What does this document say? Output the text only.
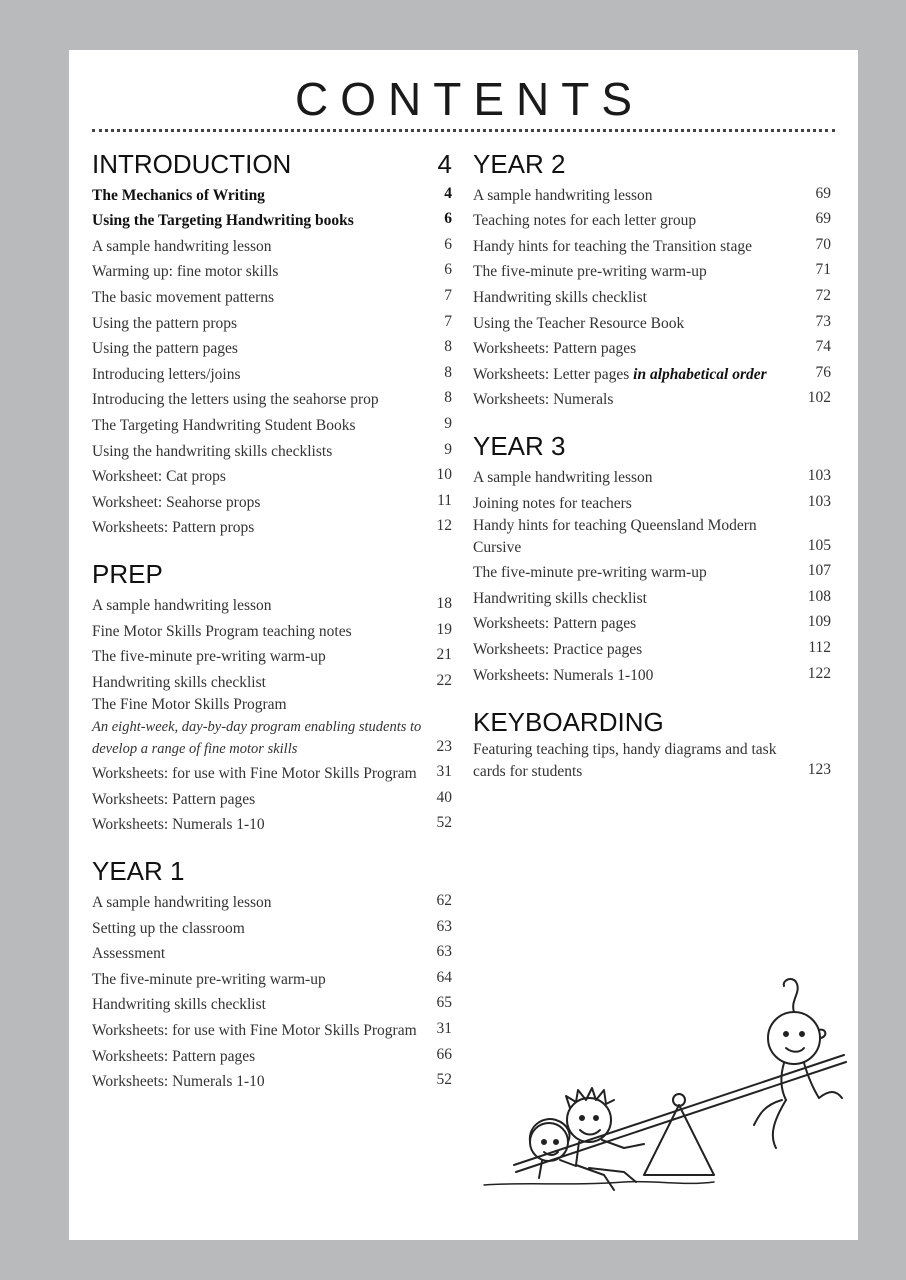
CONTENTS
INTRODUCTION	4
The Mechanics of Writing	4
Using the Targeting Handwriting books	6
A sample handwriting lesson	6
Warming up: fine motor skills	6
The basic movement patterns	7
Using the pattern props	7
Using the pattern pages	8
Introducing letters/joins	8
Introducing the letters using the seahorse prop	8
The Targeting Handwriting Student Books	9
Using the handwriting skills checklists	9
Worksheet: Cat props	10
Worksheet: Seahorse props	11
Worksheets: Pattern props	12
PREP
A sample handwriting lesson	18
Fine Motor Skills Program teaching notes	19
The five-minute pre-writing warm-up	21
Handwriting skills checklist	22
The Fine Motor Skills Program
An eight-week, day-by-day program enabling students to develop a range of fine motor skills	23
Worksheets: for use with Fine Motor Skills Program	31
Worksheets: Pattern pages	40
Worksheets: Numerals 1-10	52
YEAR 1
A sample handwriting lesson	62
Setting up the classroom	63
Assessment	63
The five-minute pre-writing warm-up	64
Handwriting skills checklist	65
Worksheets: for use with Fine Motor Skills Program	31
Worksheets: Pattern pages	66
Worksheets: Numerals 1-10	52
YEAR 2
A sample handwriting lesson	69
Teaching notes for each letter group	69
Handy hints for teaching the Transition stage	70
The five-minute pre-writing warm-up	71
Handwriting skills checklist	72
Using the Teacher Resource Book	73
Worksheets: Pattern pages	74
Worksheets: Letter pages in alphabetical order	76
Worksheets: Numerals	102
YEAR 3
A sample handwriting lesson	103
Joining notes for teachers	103
Handy hints for teaching Queensland Modern Cursive	105
The five-minute pre-writing warm-up	107
Handwriting skills checklist	108
Worksheets: Pattern pages	109
Worksheets: Practice pages	112
Worksheets: Numerals 1-100	122
KEYBOARDING
Featuring teaching tips, handy diagrams and task cards for students	123
